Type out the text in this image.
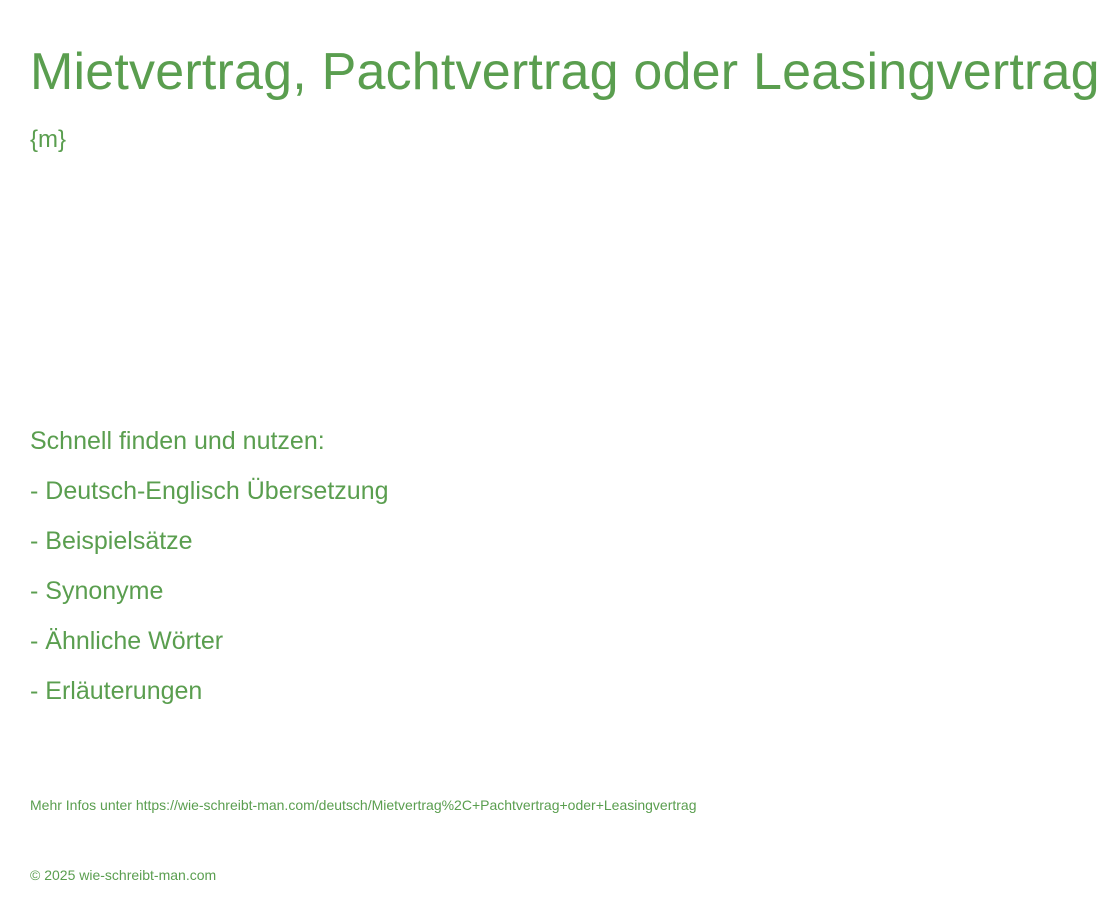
Mietvertrag, Pachtvertrag oder Leasingvertrag
{m}
Schnell finden und nutzen:
- Deutsch-Englisch Übersetzung
- Beispielsätze
- Synonyme
- Ähnliche Wörter
- Erläuterungen
Mehr Infos unter https://wie-schreibt-man.com/deutsch/Mietvertrag%2C+Pachtvertrag+oder+Leasingvertrag
© 2025 wie-schreibt-man.com
